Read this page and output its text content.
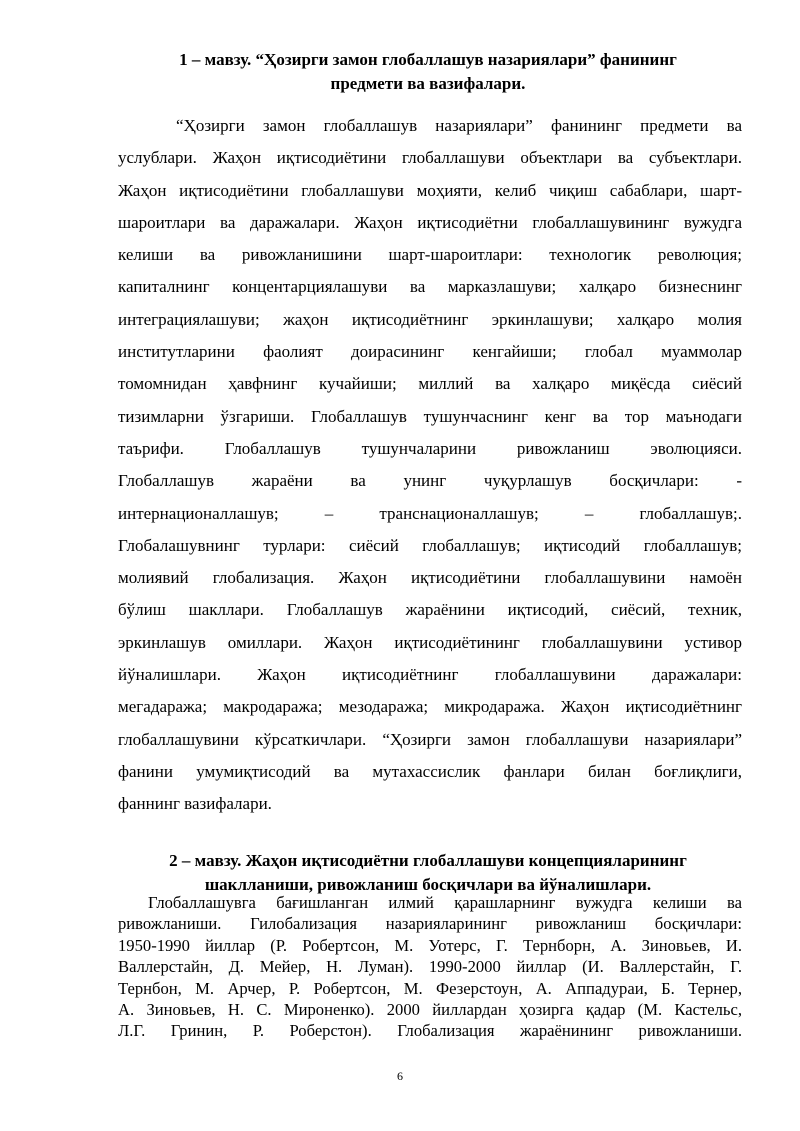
1 – мавзу. “Ҳозирги замон глобаллашув назариялари” фанининг
предмети ва вазифалари.
“Ҳозирги замон глобаллашув назариялари” фанининг предмети ва
услублари. Жаҳон иқтисодиётини глобаллашуви объектлари ва субъектлари.
Жаҳон иқтисодиётини глобаллашуви моҳияти, келиб чиқиш сабаблари, шарт-
шароитлари ва даражалари. Жаҳон иқтисодиётни глобаллашувининг вужудга
келиши ва ривожланишини шарт-шароитлари: технологик революция;
капиталнинг концентарциялашуви ва марказлашуви; халқаро бизнеснинг
интеграциялашуви; жаҳон иқтисодиётнинг эркинлашуви; халқаро молия
институтларини фаолият доирасининг кенгайиши; глобал муаммолар
томомнидан ҳавфнинг кучайиши; миллий ва халқаро миқёсда сиёсий
тизимларни ўзгариши. Глобаллашув тушунчаснинг кенг ва тор маънодаги
таърифи. Глобаллашув тушунчаларини ривожланиш эволюцияси.
Глобаллашув жараёни ва унинг чуқурлашув босқичлари: -
интернационаллашув; – транснационаллашув; – глобаллашув;.
Глобалашувнинг турлари: сиёсий глобаллашув; иқтисодий глобаллашув;
молиявий глобализация. Жаҳон иқтисодиётини глобаллашувини намоён
бўлиш шакллари. Глобаллашув жараёнини иқтисодий, сиёсий, техник,
эркинлашув омиллари. Жаҳон иқтисодиётининг глобаллашувини устивор
йўналишлари. Жаҳон иқтисодиётнинг глобаллашувини даражалари:
мегадаража; макродаража; мезодаража; микродаража. Жаҳон иқтисодиётнинг
глобаллашувини кўрсаткичлари. “Ҳозирги замон глобаллашуви назариялари”
фанини умумиқтисодий ва мутахассислик фанлари билан боғлиқлиги,
фаннинг вазифалари.
2 – мавзу. Жаҳон иқтисодиётни глобаллашуви концепцияларининг
шаклланиши, ривожланиш босқичлари ва йўналишлари.
Глобаллашувга бағишланган илмий қарашларнинг вужудга келиши ва
ривожланиши. Гилобализация назарияларининг ривожланиш босқичлари:
1950-1990 йиллар (Р. Робертсон, М. Уотерс, Г. Тернборн, А. Зиновьев, И.
Валлерстайн, Д. Мейер, Н. Луман). 1990-2000 йиллар (И. Валлерстайн, Г.
Тернбон, М. Арчер, Р. Робертсон, М. Фезерстоун, А. Аппадураи, Б. Тернер,
А. Зиновьев, Н. С. Мироненко). 2000 йиллардан ҳозирга қадар (М. Кастельс,
Л.Г. Гринин, Р. Роберстон). Глобализация жараёнининг ривожланиши.
6
